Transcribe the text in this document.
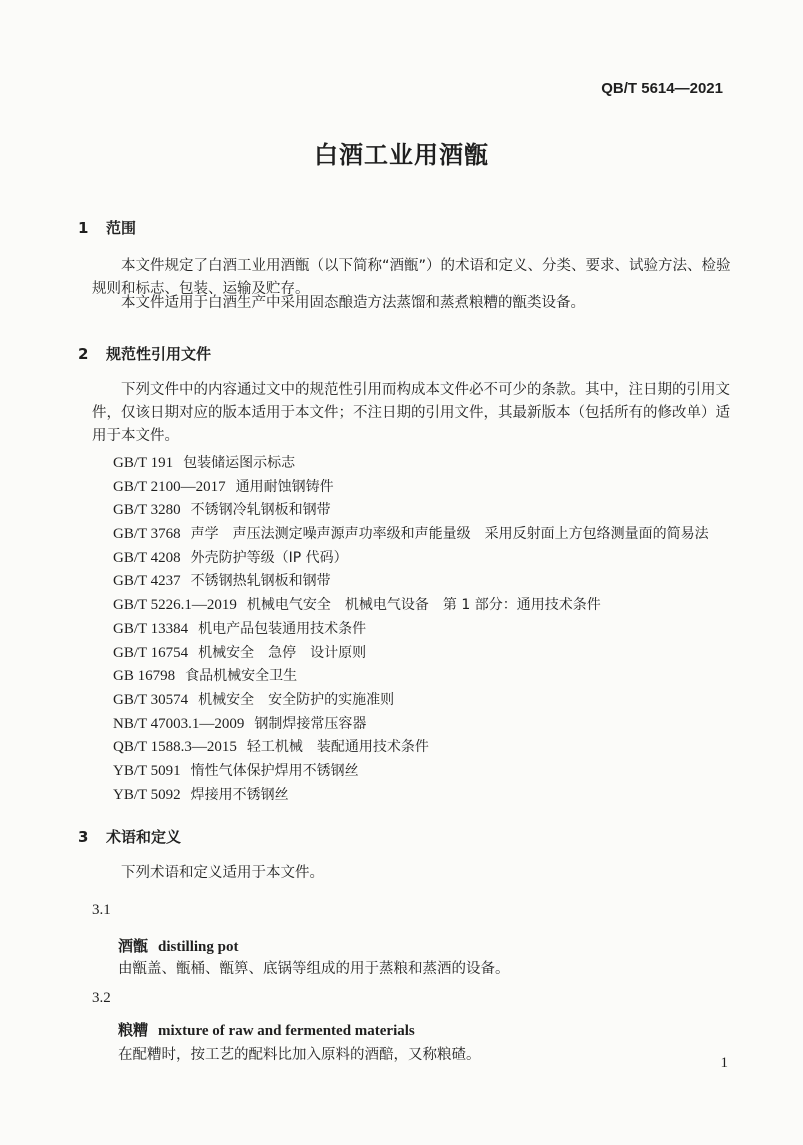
QB/T 5614—2021
白酒工业用酒甑
1 范围
本文件规定了白酒工业用酒甑（以下简称“酒甑”）的术语和定义、分类、要求、试验方法、检验规则和标志、包装、运输及贮存。
本文件适用于白酒生产中采用固态酿造方法蒸馏和蒸煮粮糟的甑类设备。
2 规范性引用文件
下列文件中的内容通过文中的规范性引用而构成本文件必不可少的条款。其中，注日期的引用文件，仅该日期对应的版本适用于本文件；不注日期的引用文件，其最新版本（包括所有的修改单）适用于本文件。
GB/T 191 包装储运图示标志
GB/T 2100—2017 通用耐蚀钢铸件
GB/T 3280 不锈钢冷轧钢板和钢带
GB/T 3768 声学　声压法测定噪声源声功率级和声能量级　采用反射面上方包络测量面的简易法
GB/T 4208 外壳防护等级（IP 代码）
GB/T 4237 不锈钢热轧钢板和钢带
GB/T 5226.1—2019 机械电气安全　机械电气设备　第 1 部分：通用技术条件
GB/T 13384 机电产品包装通用技术条件
GB/T 16754 机械安全　急停　设计原则
GB 16798 食品机械安全卫生
GB/T 30574 机械安全　安全防护的实施准则
NB/T 47003.1—2009 钢制焊接常压容器
QB/T 1588.3—2015 轻工机械　装配通用技术条件
YB/T 5091 惰性气体保护焊用不锈钢丝
YB/T 5092 焊接用不锈钢丝
3 术语和定义
下列术语和定义适用于本文件。
3.1
酒甑 distilling pot
由甑盖、甑桶、甑箅、底锅等组成的用于蒸粮和蒸酒的设备。
3.2
粮糟 mixture of raw and fermented materials
在配糟时，按工艺的配料比加入原料的酒醅，又称粮碴。	1
